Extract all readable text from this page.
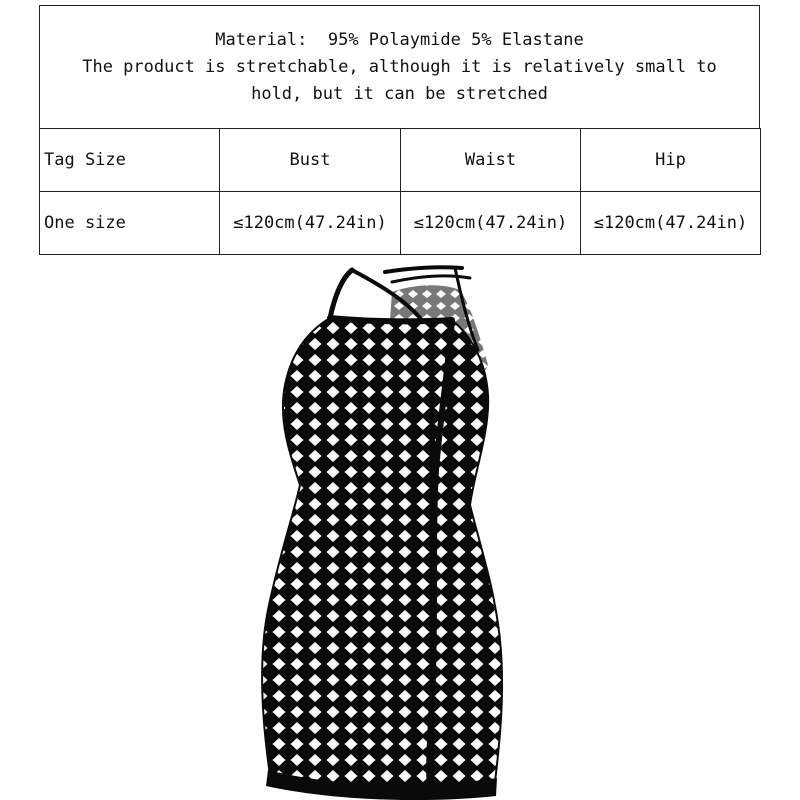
Material:  95% Polaymide 5% Elastane
The product is stretchable, although it is relatively small to
hold, but it can be stretched
Tag Size	Bust	Waist	Hip
One size	≤120cm(47.24in)	≤120cm(47.24in)	≤120cm(47.24in)
